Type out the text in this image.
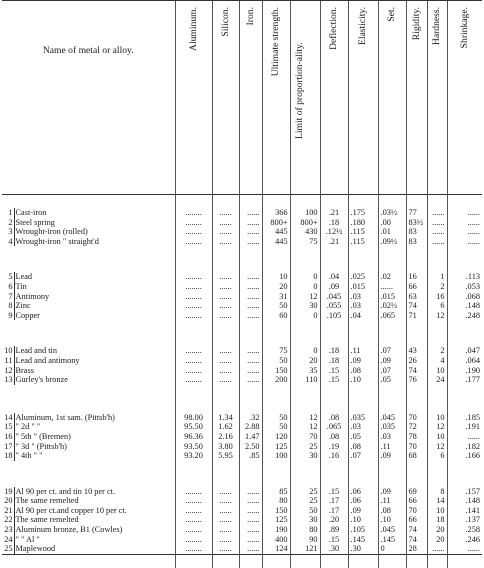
Name of metal or alloy.		Aluminum.	Silicon.	Iron.	Ultimate strength.	Limit of proportion-ality.	Deflection.	Elasticity.	Set.	Rigidity.	Hardness.	Shrinkage.

1	Cast-iron	........	......	......	366	100	.21	.175	.03½	77	......	......
2	Steel spring	........	......	......	800+	800+	.18	.180	.00	83½	......	......
3	Wrought-iron (rolled)	........	......	......	445	430	.12½	.115	.01	83	......	......
4	Wrought-iron " straight'd	........	......	......	445	75	.21	.115	.09½	83	......	......

5	Lead	........	......	......	10	0	.04	.025	.02	16	1	.113
6	Tin	........	......	......	20	0	.09	.015	......	66	2	.053
7	Antimony	........	......	......	31	12	.045	.03	.015	63	16	.068
8	Zinc	........	......	......	50	30	.055	.03	.02½	74	6	.148
9	Copper	........	......	......	60	0	.105	.04	.065	71	12	.248

10	Lead and tin	........	......	......	75	0	.18	.11	.07	43	2	.047
11	Lead and antimony	........	......	......	50	20	.18	.09	.09	26	4	.064
12	Brass	........	......	......	150	35	.15	.08	.07	74	10	.190
13	Gurley's bronze	........	......	......	200	110	.15	.10	.05	76	24	.177

14	Aluminum, 1st sam. (Pittsb'h)	98.00	1.34	.32	50	12	.08	.035	.045	70	10	.185
15	" 2d " "	95.50	1.62	2.88	50	12	.065	.03	.035	72	12	.191
16	" 5th " (Bremen)	96.36	2.16	1.47	120	70	.08	.05	.03	78	10	......
17	" 3d " (Pittsb'h)	93.50	3.80	2.50	125	25	.19	.08	.11	70	12	.182
18	" 4th " "	93.20	5.95	.85	100	30	.16	.07	.09	68	6	.166

19	Al 90 per ct. and tin 10 per ct.	........	......	......	85	25	.15	.06	.09	69	8	.157
20	The same remelted	........	......	......	80	25	.17	.06	.11	66	14	.148
21	Al 90 per ct.and copper 10 per ct.	........	......	......	150	50	.17	.09	.08	70	10	.141
22	The same remelted	........	......	......	125	30	.20	.10	.10	66	18	.137
23	Aluminum bronze, B1 (Cowles)	........	......	......	190	80	.89	.105	.045	74	20	.258
24	" " Al "	........	......	......	400	90	.15	.145	.145	74	20	.246
25	Maplewood	........	......	......	124	121	.30	.30	0	28	......	......
